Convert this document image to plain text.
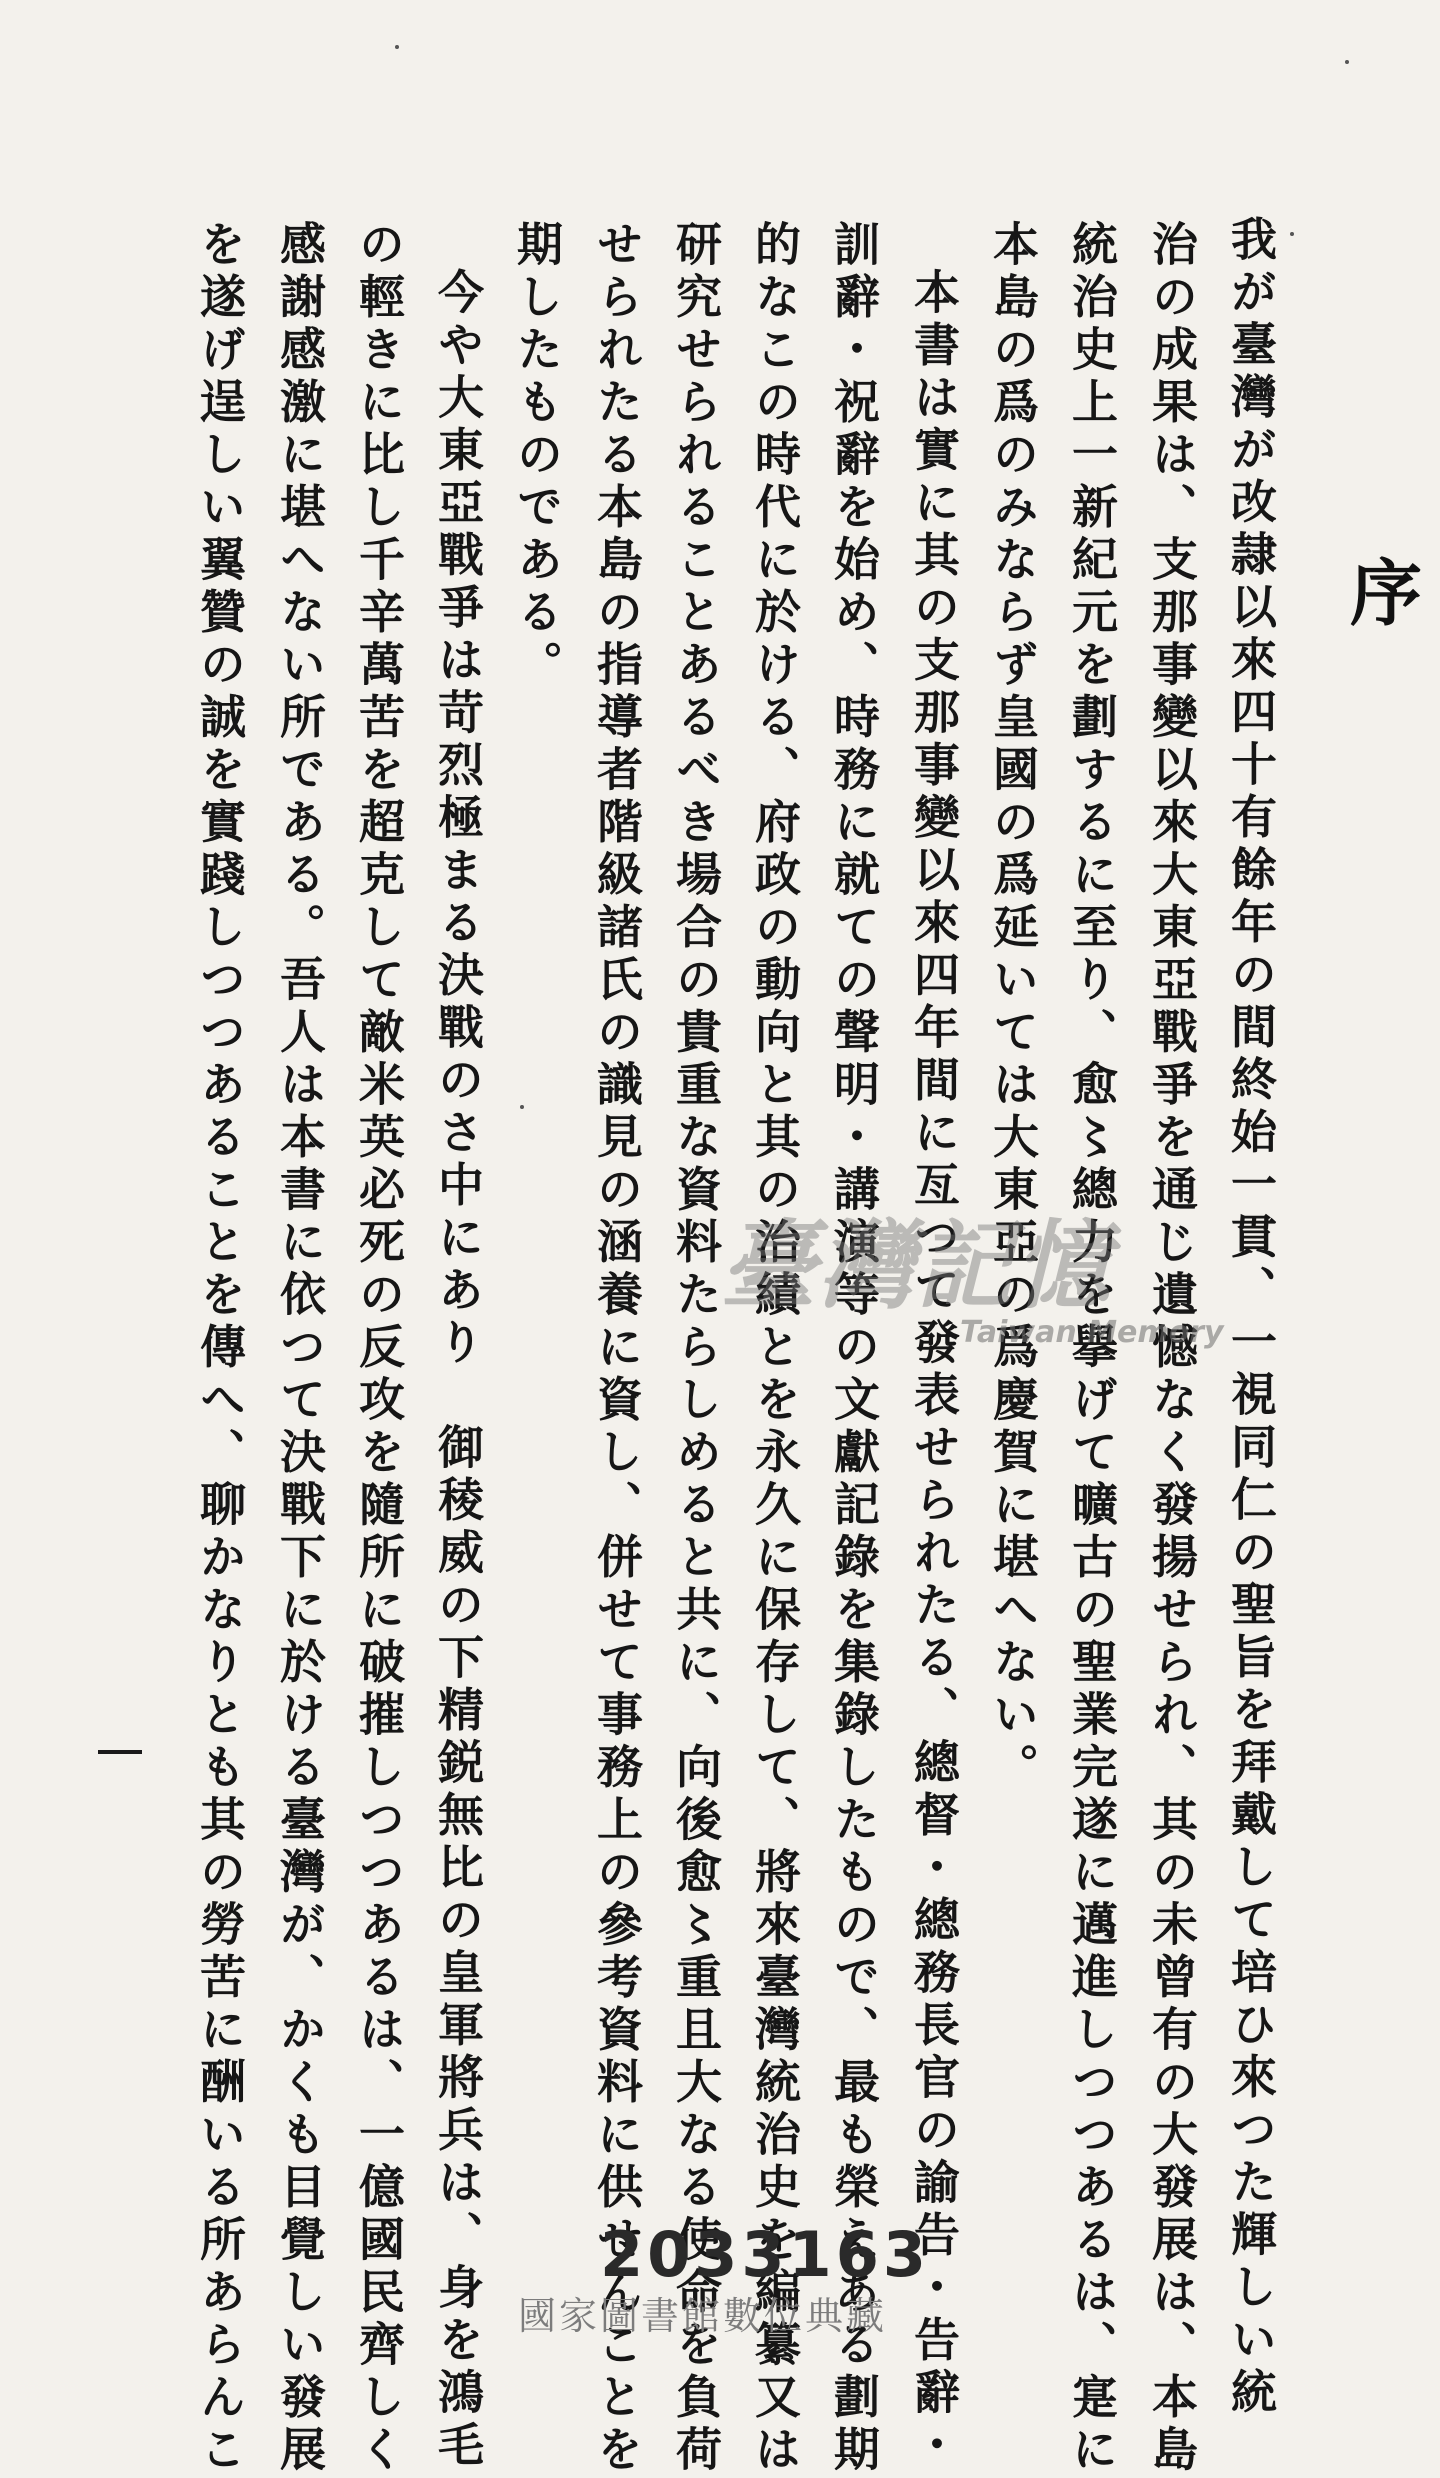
序
我が臺灣が改隷以來四十有餘年の間終始一貫、一視同仁の聖旨を拜戴して培ひ來つた輝しい統
治の成果は、支那事變以來大東亞戰爭を通じ遺憾なく發揚せられ、其の未曾有の大發展は、本島
統治史上一新紀元を劃するに至り、愈〻總力を擧げて曠古の聖業完遂に邁進しつつあるは、寔に
本島の爲のみならず皇國の爲延いては大東亞の爲慶賀に堪へない。
本書は實に其の支那事變以來四年間に亙つて發表せられたる、總督・總務長官の諭告・告辭・
訓辭・祝辭を始め、時務に就ての聲明・講演等の文獻記錄を集錄したもので、最も榮えある劃期
的なこの時代に於ける、府政の動向と其の治績とを永久に保存して、將來臺灣統治史を編纂又は
研究せられることあるべき場合の貴重な資料たらしめると共に、向後愈〻重且大なる使命を負荷
せられたる本島の指導者階級諸氏の識見の涵養に資し、併せて事務上の參考資料に供せんことを
期したものである。
今や大東亞戰爭は苛烈極まる決戰のさ中にあり　御稜威の下精鋭無比の皇軍將兵は、身を鴻毛
の輕きに比し千辛萬苦を超克して敵米英必死の反攻を隨所に破摧しつつあるは、一億國民齊しく
感謝感激に堪へない所である。吾人は本書に依つて決戰下に於ける臺灣が、かくも目覺しい發展
を遂げ逞しい翼贊の誠を實踐しつつあることを傳へ、聊かなりとも其の勞苦に酬いる所あらんこ	臺灣記憶
Taiwan Memory
2033163
國家圖書館數位典藏
